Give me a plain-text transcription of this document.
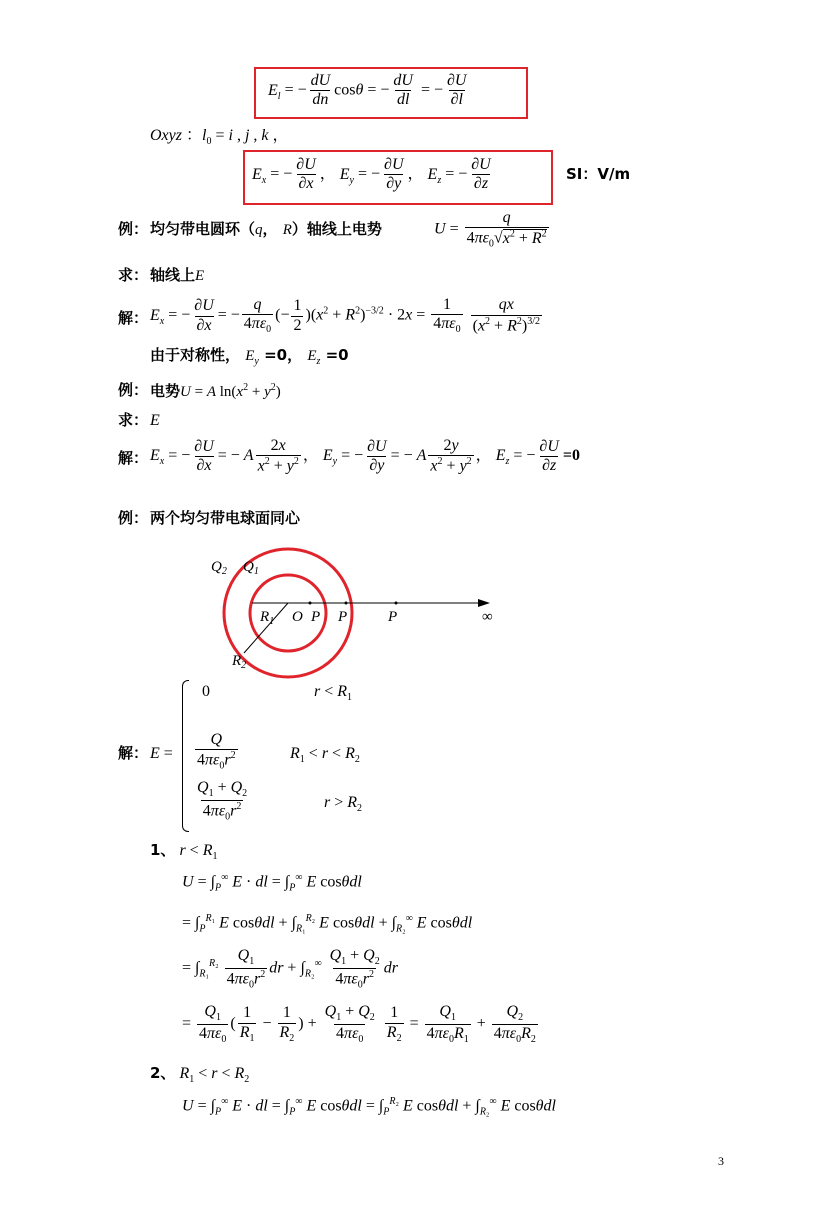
$E_l$ = − $\frac{dU}{dn}$ cosθ = − $\frac{dU}{dl}$ = − $\frac{\partial U}{\partial l}$
Oxyz ：$l_0 = i$ , j , k ，
$E_x$ = − $\frac{\partial U}{\partial x}$ ， $E_y$ = − $\frac{\partial U}{\partial y}$ ， $E_z$ = − $\frac{\partial U}{\partial z}$	SI：V/m
例： 均匀带电圆环（q， R）轴线上电势	$U = \frac{q}{4\pi\varepsilon_0√x^2 + R^2}$
求： 轴线上E
解： $E_x$ = − $\frac{\partial U}{\partial x}$ = − $\frac{q}{4\pi\varepsilon_0}$ (− $\frac{1}{2} )(x^2 + R^2)^{-3/2} \cdot 2x = \frac{1}{4\pi\varepsilon_0}$
$\frac{qx}{(x^2 + R^2)^{3/2}}$
由于对称性， $E_y =0$， $E_z =0$
例： 电势U = A $\ln(x^2 + y^2)$
求： E
解： $E_x$ = − $\frac{\partial U}{\partial x}$ = − A $\frac{2x}{x^2 + y^2}$ ， $E_y$ = − $\frac{\partial U}{\partial y}$ = − A $\frac{2y}{x^2 + y^2}$ ， $E_z$ = − $\frac{\partial U}{\partial z} =0$
例： 两个均匀带电球面同心
$Q_2$ $Q_1$
$R_1$ O P P	P	∞
$R_2$
解： E =
0	$r < R_1$
$\frac{Q}{4\pi\varepsilon_0r^2}$	$R_1 < r < R_2$
$\frac{Q_1 + Q_2}{4\pi\varepsilon_0r^2}$	$r > R_2$
1、 $r < R_1$
$U = \int_P^\infty$ E · dl = $\int_P^\infty$ E cosθdl
= $\int_P^{R_1}$ E $\cos\theta dl + \int_{R_1}^{R_2}$ E $\cos\theta dl + \int_{R_2}^\infty$ E cosθdl
= $\int_{R_1}^{R_2} \frac{Q_1}{4\pi\varepsilon_0r^2}$ dr + $\int_{R_2}^\infty \frac{Q_1 + Q_2}{4\pi\varepsilon_0r^2}$ dr
= $\frac{Q_1}{4\pi\varepsilon_0}$ ( $\frac{1}{R_1} - \frac{1}{R_2}$ ) + $\frac{Q_1 + Q_2}{4\pi\varepsilon_0}$
$\frac{1}{R_2} = \frac{Q_1}{4\pi\varepsilon_0R_1} + \frac{Q_2}{4\pi\varepsilon_0R_2}$
2、 $R_1 < r < R_2$
$U = \int_P^\infty$ E · dl = $\int_P^\infty$ E $\cos\theta dl = \int_P^{R_2}$ E $\cos\theta dl + \int_{R_2}^\infty$ E cosθdl
3
